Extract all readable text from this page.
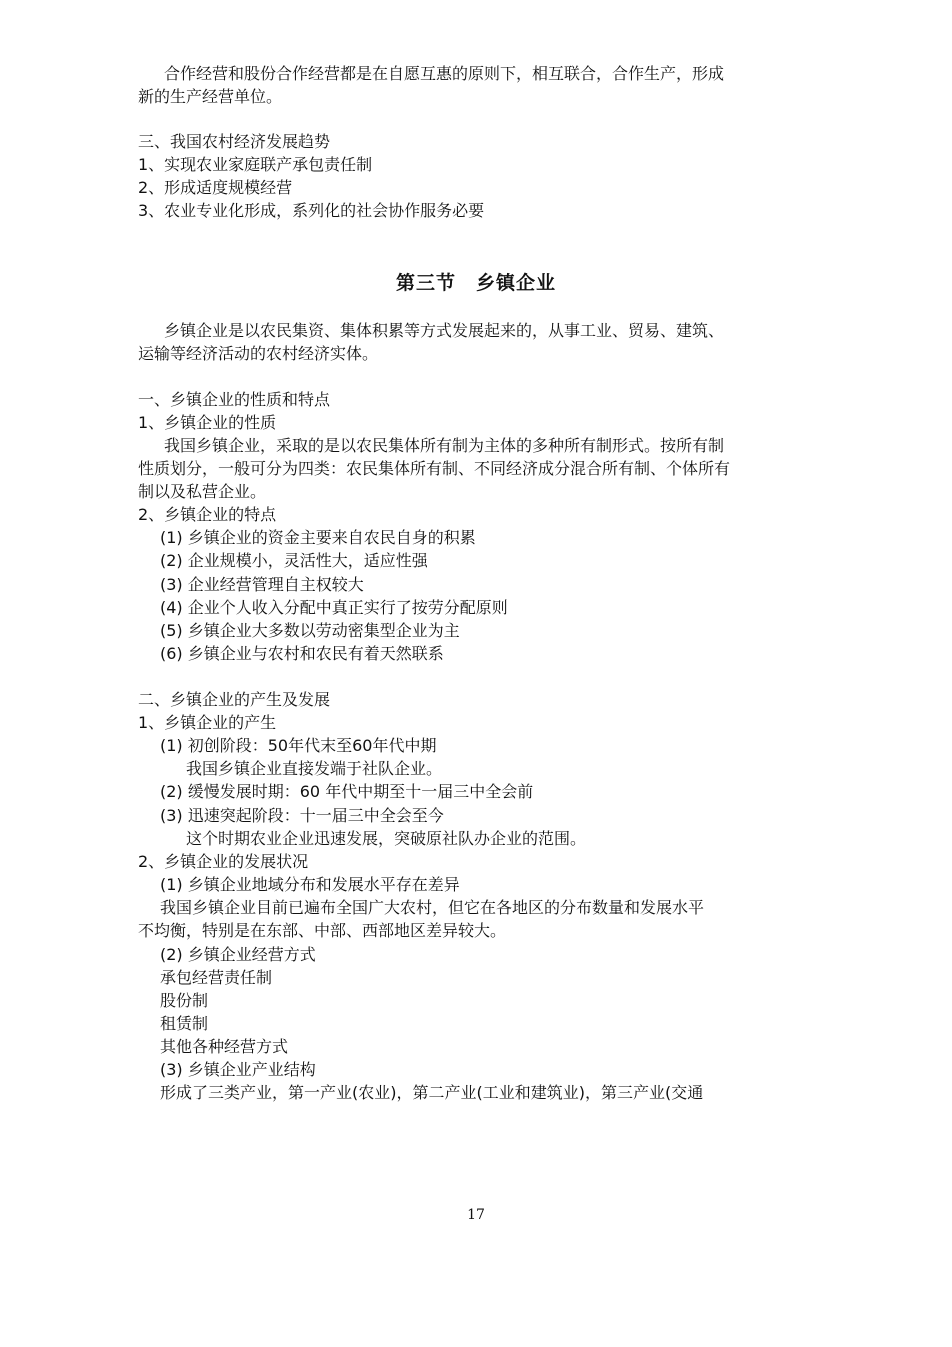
合作经营和股份合作经营都是在自愿互惠的原则下，相互联合，合作生产，形成
新的生产经营单位。
三、我国农村经济发展趋势
1、实现农业家庭联产承包责任制
2、形成适度规模经营
3、农业专业化形成，系列化的社会协作服务必要
第三节　乡镇企业
乡镇企业是以农民集资、集体积累等方式发展起来的，从事工业、贸易、建筑、
运输等经济活动的农村经济实体。
一、乡镇企业的性质和特点
1、乡镇企业的性质
我国乡镇企业，采取的是以农民集体所有制为主体的多种所有制形式。按所有制
性质划分，一般可分为四类：农民集体所有制、不同经济成分混合所有制、个体所有
制以及私营企业。
2、乡镇企业的特点
(1) 乡镇企业的资金主要来自农民自身的积累
(2) 企业规模小，灵活性大，适应性强
(3) 企业经营管理自主权较大
(4) 企业个人收入分配中真正实行了按劳分配原则
(5) 乡镇企业大多数以劳动密集型企业为主
(6) 乡镇企业与农村和农民有着天然联系
二、乡镇企业的产生及发展
1、乡镇企业的产生
(1) 初创阶段：50年代末至60年代中期
我国乡镇企业直接发端于社队企业。
(2) 缓慢发展时期：60 年代中期至十一届三中全会前
(3) 迅速突起阶段：十一届三中全会至今
这个时期农业企业迅速发展，突破原社队办企业的范围。
2、乡镇企业的发展状况
(1) 乡镇企业地域分布和发展水平存在差异
我国乡镇企业目前已遍布全国广大农村，但它在各地区的分布数量和发展水平
不均衡，特别是在东部、中部、西部地区差异较大。
(2) 乡镇企业经营方式
承包经营责任制
股份制
租赁制
其他各种经营方式
(3) 乡镇企业产业结构
形成了三类产业，第一产业(农业)，第二产业(工业和建筑业)，第三产业(交通
17
